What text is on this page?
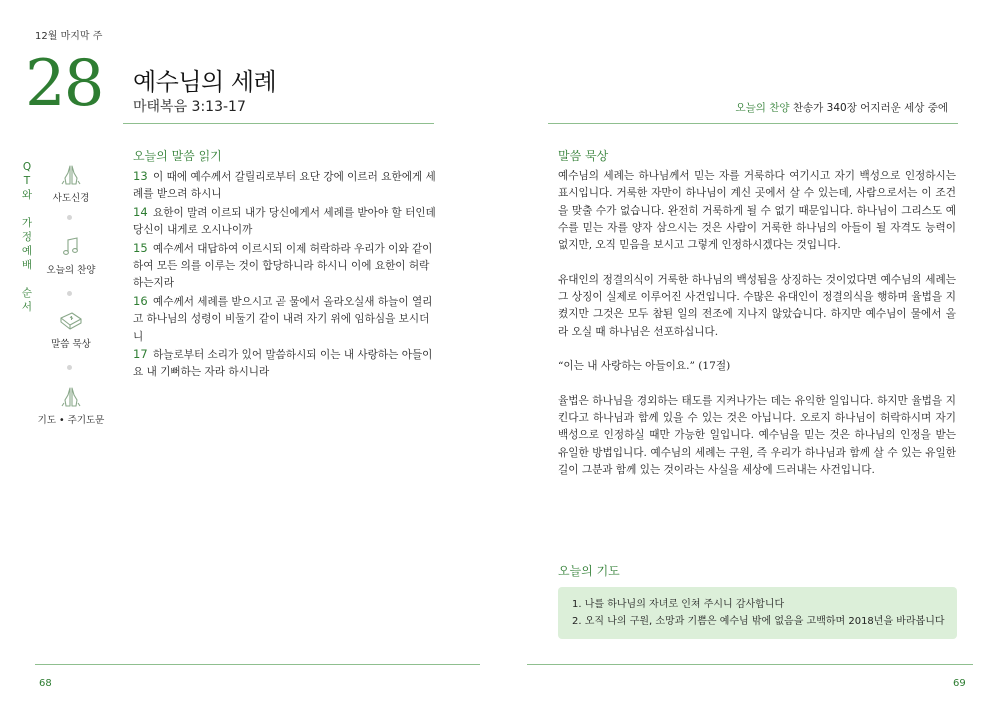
12월 마지막 주
28 예수님의 세례
마태복음 3:13-17	오늘의 찬양 찬송가 340장 어지러운 세상 중에
Q
T
와
가
정
예
배
순
서
사도신경
오늘의 찬양
말씀 묵상
기도 • 주기도문
오늘의 말씀 읽기
13 이 때에 예수께서 갈릴리로부터 요단 강에 이르러 요한에게 세례를 받으려 하시니
14 요한이 말려 이르되 내가 당신에게서 세례를 받아야 할 터인데 당신이 내게로 오시나이까
15 예수께서 대답하여 이르시되 이제 허락하라 우리가 이와 같이 하여 모든 의를 이루는 것이 합당하니라 하시니 이에 요한이 허락하는지라
16 예수께서 세례를 받으시고 곧 물에서 올라오실새 하늘이 열리고 하나님의 성령이 비둘기 같이 내려 자기 위에 임하심을 보시더니
17 하늘로부터 소리가 있어 말씀하시되 이는 내 사랑하는 아들이요 내 기뻐하는 자라 하시니라
말씀 묵상

예수님의 세례는 하나님께서 믿는 자를 거룩하다 여기시고 자기 백성으로 인정하시는 표시입니다. 거룩한 자만이 하나님이 계신 곳에서 살 수 있는데, 사람으로서는 이 조건을 맞출 수가 없습니다. 완전히 거룩하게 될 수 없기 때문입니다. 하나님이 그리스도 예수를 믿는 자를 양자 삼으시는 것은 사람이 거룩한 하나님의 아들이 될 자격도 능력이 없지만, 오직 믿음을 보시고 그렇게 인정하시겠다는 것입니다.

유대인의 정결의식이 거룩한 하나님의 백성됨을 상징하는 것이었다면 예수님의 세례는 그 상징이 실제로 이루어진 사건입니다. 수많은 유대인이 정결의식을 행하며 율법을 지켰지만 그것은 모두 참된 일의 전조에 지나지 않았습니다. 하지만 예수님이 물에서 올라 오실 때 하나님은 선포하십니다.

“이는 내 사랑하는 아들이요.” (17절)

율법은 하나님을 경외하는 태도를 지켜나가는 데는 유익한 일입니다. 하지만 율법을 지킨다고 하나님과 함께 있을 수 있는 것은 아닙니다. 오로지 하나님이 허락하시며 자기 백성으로 인정하실 때만 가능한 일입니다. 예수님을 믿는 것은 하나님의 인정을 받는 유일한 방법입니다. 예수님의 세례는 구원, 즉 우리가 하나님과 함께 살 수 있는 유일한 길이 그분과 함께 있는 것이라는 사실을 세상에 드러내는 사건입니다.

오늘의 기도
1. 나를 하나님의 자녀로 인쳐 주시니 감사합니다
2. 오직 나의 구원, 소망과 기쁨은 예수님 밖에 없음을 고백하며 2018년을 바라봅니다
68	69
